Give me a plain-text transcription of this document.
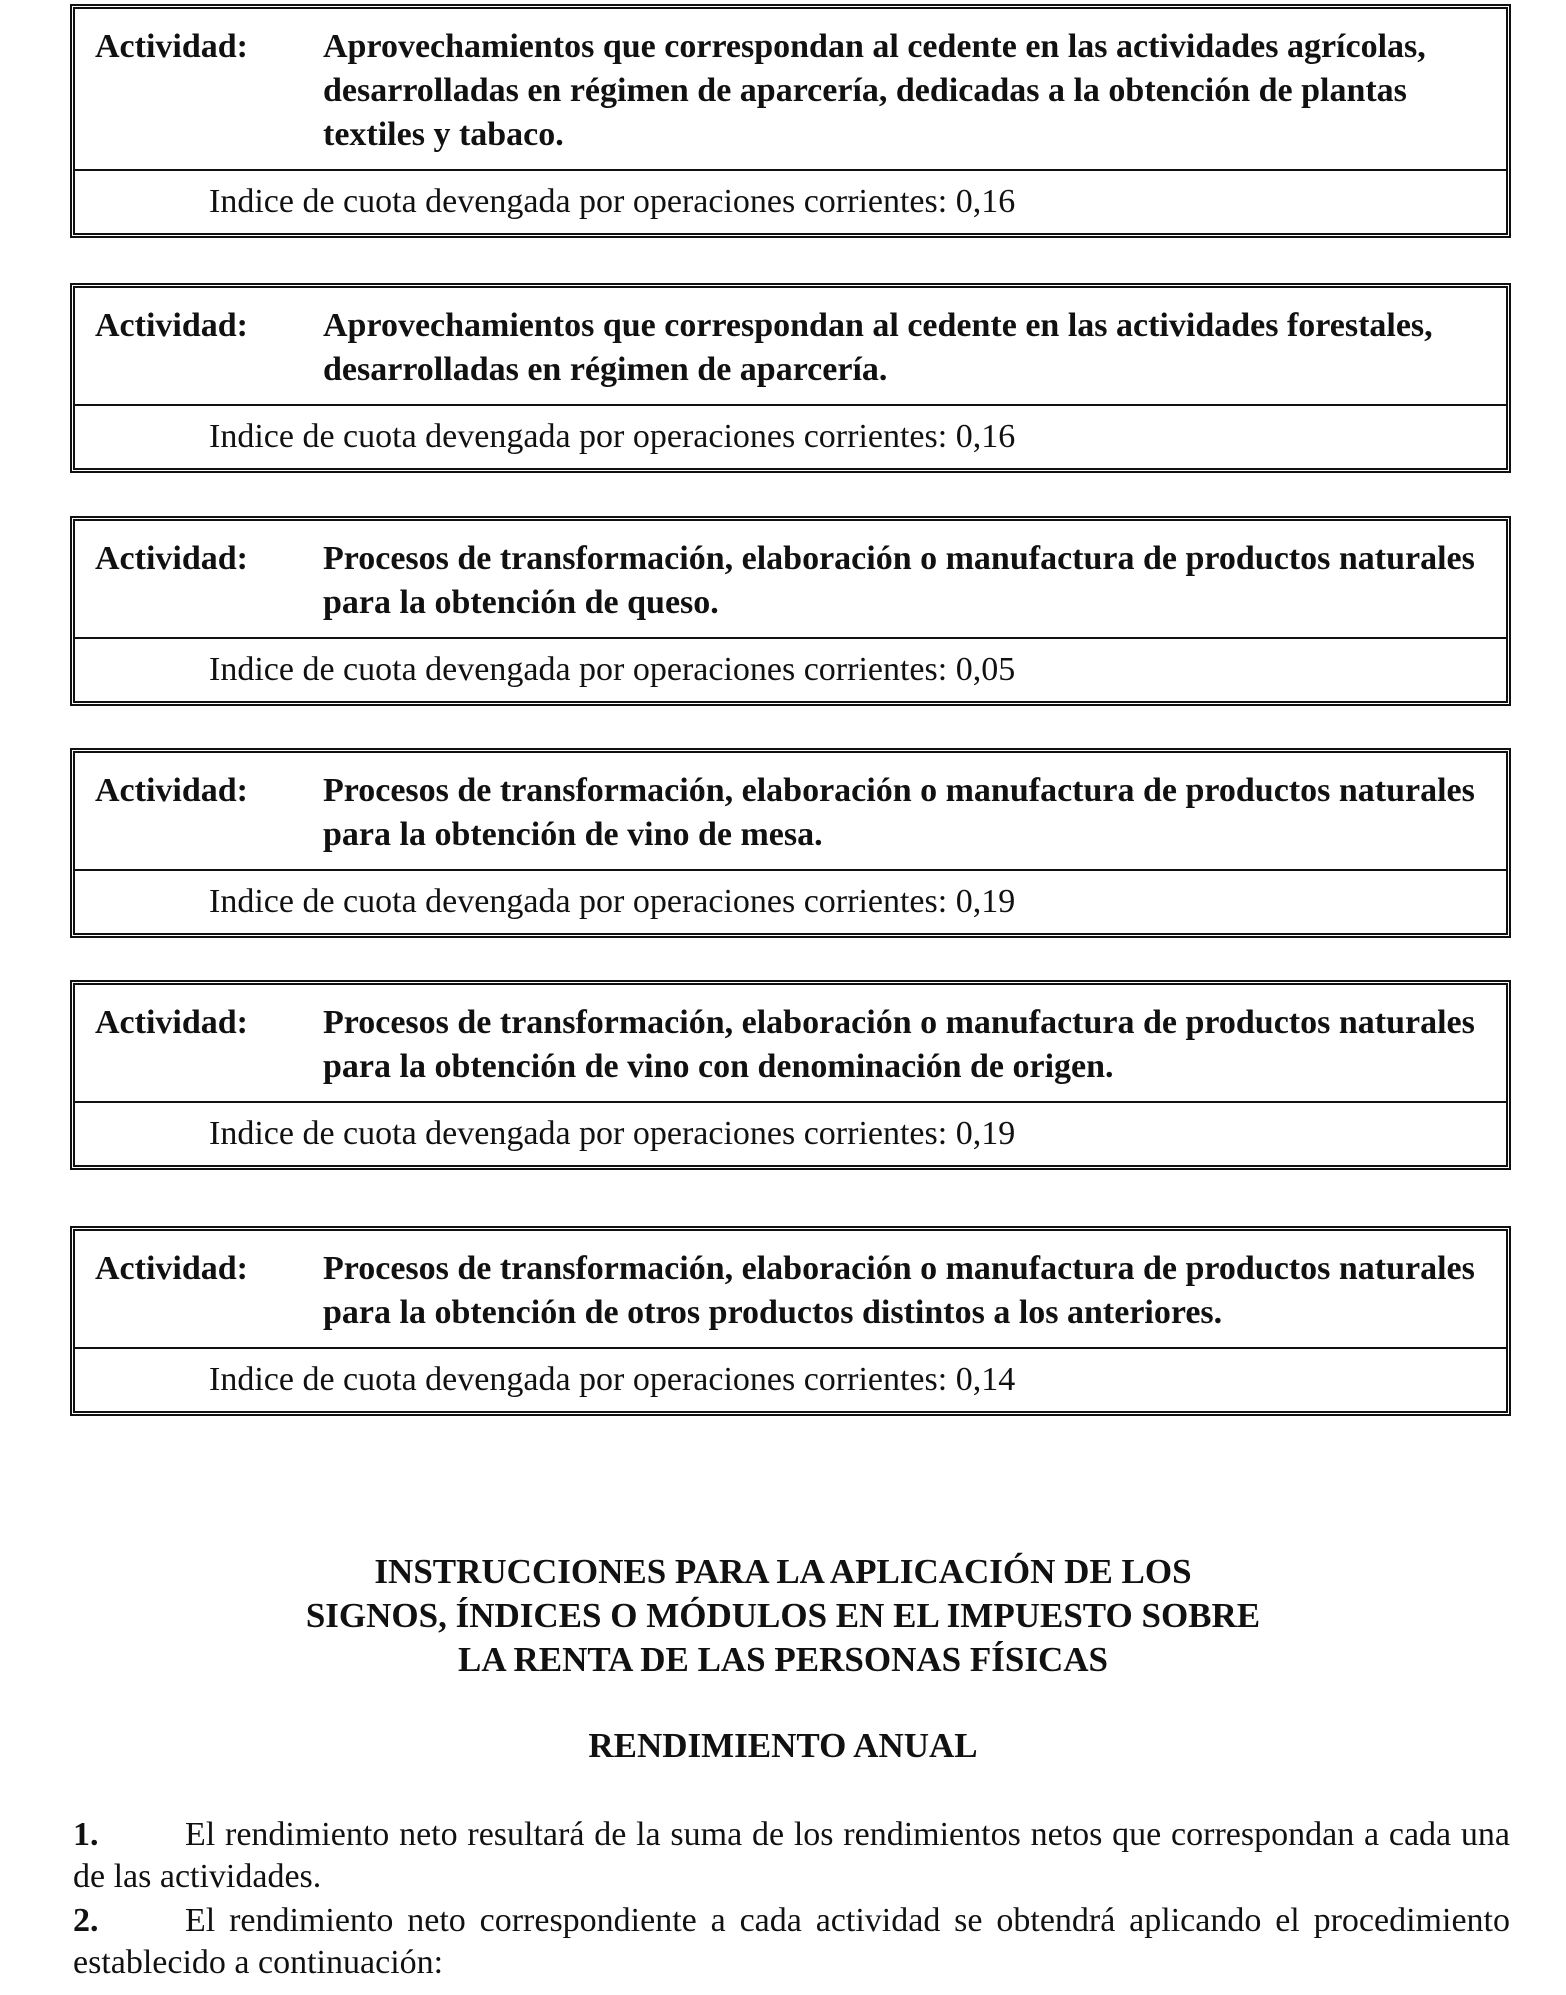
Actividad:	Aprovechamientos que correspondan al cedente en las actividades agrícolas, desarrolladas en régimen de aparcería, dedicadas a la obtención de plantas textiles y tabaco.
Indice de cuota devengada por operaciones corrientes: 0,16
Actividad:	Aprovechamientos que correspondan al cedente en las actividades forestales, desarrolladas en régimen de aparcería.
Indice de cuota devengada por operaciones corrientes: 0,16
Actividad:	Procesos de transformación, elaboración o manufactura de productos naturales para la obtención de queso.
Indice de cuota devengada por operaciones corrientes: 0,05
Actividad:	Procesos de transformación, elaboración o manufactura de productos naturales para la obtención de vino de mesa.
Indice de cuota devengada por operaciones corrientes: 0,19
Actividad:	Procesos de transformación, elaboración o manufactura de productos naturales para la obtención de vino con denominación de origen.
Indice de cuota devengada por operaciones corrientes: 0,19
Actividad:	Procesos de transformación, elaboración o manufactura de productos naturales para la obtención de otros productos distintos a los anteriores.
Indice de cuota devengada por operaciones corrientes: 0,14
INSTRUCCIONES PARA LA APLICACIÓN DE LOS
SIGNOS, ÍNDICES O MÓDULOS EN EL IMPUESTO SOBRE
LA RENTA DE LAS PERSONAS FÍSICAS
RENDIMIENTO ANUAL
1.	El rendimiento neto resultará de la suma de los rendimientos netos que correspondan a cada una de las actividades.
2.	El rendimiento neto correspondiente a cada actividad se obtendrá aplicando el procedimiento establecido a continuación:
